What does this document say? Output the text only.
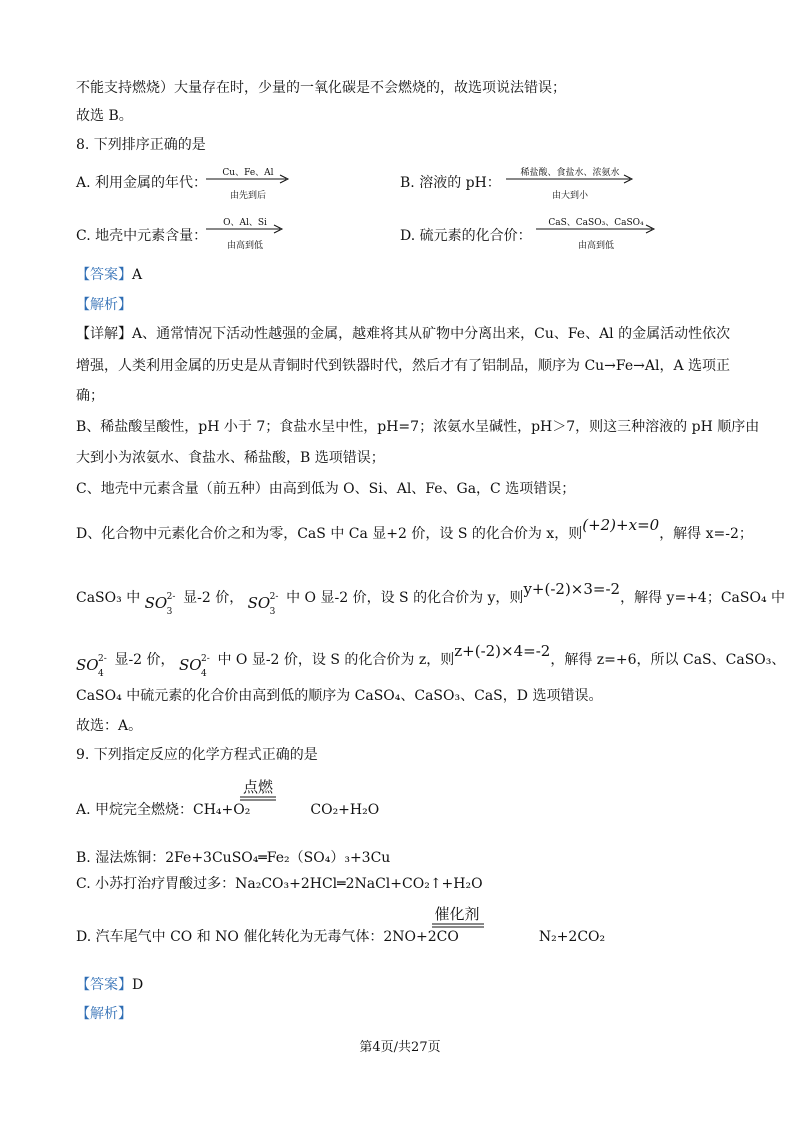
不能支持燃烧）大量存在时，少量的一氧化碳是不会燃烧的，故选项说法错误；
故选 B。
8. 下列排序正确的是
A. 利用金属的年代：
Cu、Fe、Al
由先到后
B. 溶液的 pH：
稀盐酸、食盐水、浓氨水
由大到小
C. 地壳中元素含量：
O、Al、Si
由高到低
D. 硫元素的化合价：
CaS、CaSO₃、CaSO₄
由高到低
【答案】A
【解析】
【详解】A、通常情况下活动性越强的金属，越难将其从矿物中分离出来，Cu、Fe、Al 的金属活动性依次
增强，人类利用金属的历史是从青铜时代到铁器时代，然后才有了铝制品，顺序为 Cu→Fe→Al，A 选项正
确；
B、稀盐酸呈酸性，pH 小于 7；食盐水呈中性，pH=7；浓氨水呈碱性，pH＞7，则这三种溶液的 pH 顺序由
大到小为浓氨水、食盐水、稀盐酸，B 选项错误；
C、地壳中元素含量（前五种）由高到低为 O、Si、Al、Fe、Ga，C 选项错误；
D、化合物中元素化合价之和为零，CaS 中 Ca 显+2 价，设 S 的化合价为 x，则(+2)+x=0，解得 x=-2；
CaSO₃ 中 SO 2-
3
显-2 价， SO 2-
3
中 O 显-2 价，设 S 的化合价为 y，则y+(-2)×3=-2，解得 y=+4；CaSO₄ 中
SO 2-
4
显-2 价， SO 2-
4
中 O 显-2 价，设 S 的化合价为 z，则z+(-2)×4=-2，解得 z=+6，所以 CaS、CaSO₃、
CaSO₄ 中硫元素的化合价由高到低的顺序为 CaSO₄、CaSO₃、CaS，D 选项错误。
故选：A。
9. 下列指定反应的化学方程式正确的是
A. 甲烷完全燃烧：CH₄+O₂	CO₂+H₂O
点燃
B. 湿法炼铜：2Fe+3CuSO₄═Fe₂（SO₄）₃+3Cu
C. 小苏打治疗胃酸过多：Na₂CO₃+2HCl═2NaCl+CO₂↑+H₂O
D. 汽车尾气中 CO 和 NO 催化转化为无毒气体：2NO+2CO	N₂+2CO₂
催化剂
【答案】D
【解析】
第4页/共27页
